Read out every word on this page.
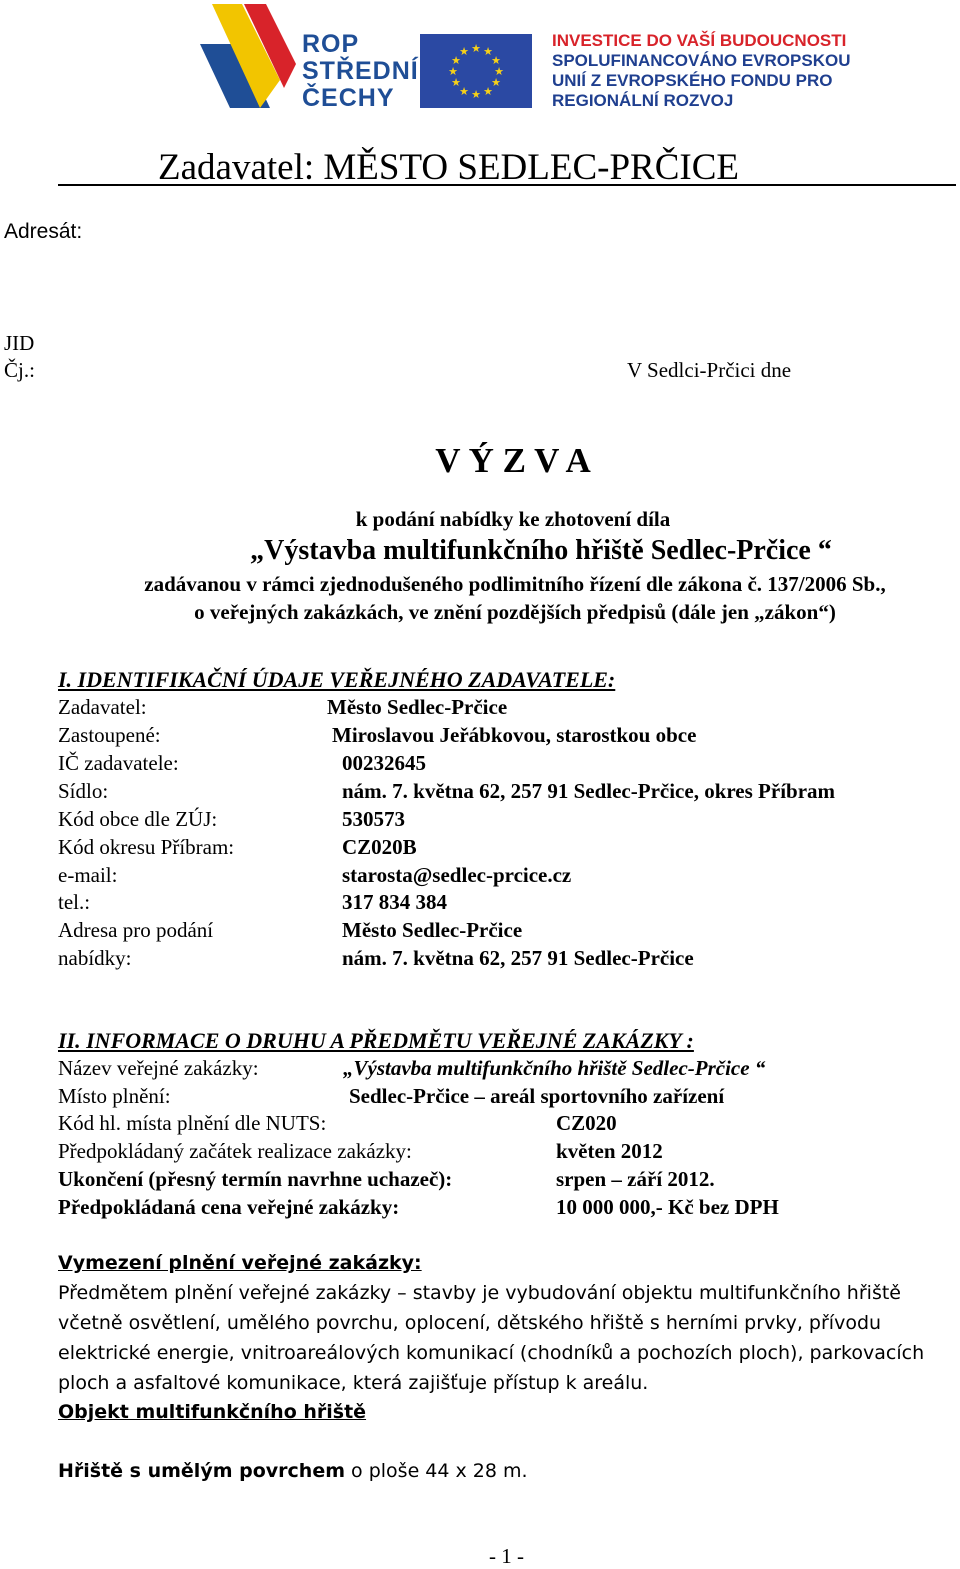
ROP
STŘEDNÍ
ČECHY
★ ★
★
★
★
★
★
★
★
★
★
★
INVESTICE DO VAŠÍ BUDOUCNOSTI
SPOLUFINANCOVÁNO EVROPSKOU
UNIÍ Z EVROPSKÉHO FONDU PRO
REGIONÁLNÍ ROZVOJ
Zadavatel: MĚSTO SEDLEC-PRČICE
Adresát:
JID
Čj.:	V Sedlci-Prčici dne
V Ý Z V A
k podání nabídky ke zhotovení díla
„Výstavba multifunkčního hřiště Sedlec-Prčice “
zadávanou v rámci zjednodušeného podlimitního řízení dle zákona č. 137/2006 Sb.,
o veřejných zakázkách, ve znění pozdějších předpisů (dále jen „zákon“)
I. IDENTIFIKAČNÍ ÚDAJE VEŘEJNÉHO ZADAVATELE:
Zadavatel:	Město Sedlec-Prčice
Zastoupené:	Miroslavou Jeřábkovou, starostkou obce
IČ zadavatele:	00232645
Sídlo:	nám. 7. května 62, 257 91 Sedlec-Prčice, okres Příbram
Kód obce dle ZÚJ:	530573
Kód okresu Příbram:	CZ020B
e-mail:	starosta@sedlec-prcice.cz
tel.:	317 834 384
Adresa pro podání	Město Sedlec-Prčice
nabídky:	nám. 7. května 62, 257 91 Sedlec-Prčice
II. INFORMACE O DRUHU A PŘEDMĚTU VEŘEJNÉ ZAKÁZKY :
Název veřejné zakázky:	„Výstavba multifunkčního hřiště Sedlec-Prčice “
Místo plnění:	Sedlec-Prčice – areál sportovního zařízení
Kód hl. místa plnění dle NUTS:	CZ020
Předpokládaný začátek realizace zakázky:	květen 2012
Ukončení (přesný termín navrhne uchazeč):	srpen – září 2012.
Předpokládaná cena veřejné zakázky:	10 000 000,- Kč bez DPH
Vymezení plnění veřejné zakázky:
Předmětem plnění veřejné zakázky – stavby je vybudování objektu multifunkčního hřiště
včetně osvětlení, umělého povrchu, oplocení, dětského hřiště s herními prvky, přívodu
elektrické energie, vnitroareálových komunikací (chodníků a pochozích ploch), parkovacích
ploch a asfaltové komunikace, která zajišťuje přístup k areálu.
Objekt multifunkčního hřiště
Hřiště s umělým povrchem o ploše 44 x 28 m.
- 1 -
